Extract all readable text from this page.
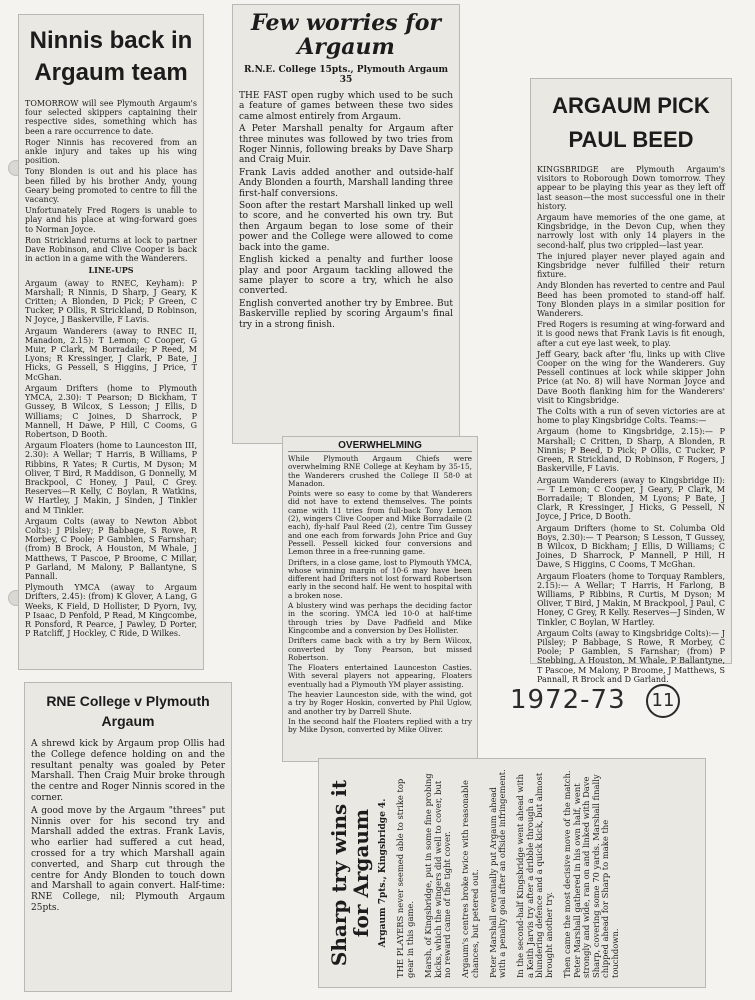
Ninnis back in Argaum team

TOMORROW will see Plymouth Argaum's four selected skippers captaining their respective sides, something which has been a rare occurrence to date.

Roger Ninnis has recovered from an ankle injury and takes up his wing position.

Tony Blonden is out and his place has been filled by his brother Andy, young Geary being promoted to centre to fill the vacancy.

Unfortunately Fred Rogers is unable to play and his place at wing-forward goes to Norman Joyce.

Ron Strickland returns at lock to partner Dave Robinson, and Clive Cooper is back in action in a game with the Wanderers.

LINE-UPS

Argaum (away to RNEC, Keyham): P Marshall; R Ninnis, D Sharp, J Geary, K Critten; A Blonden, D Pick; P Green, C Tucker, P Ollis, R Strickland, D Robinson, N Joyce, J Baskerville, F Lavis.

Argaum Wanderers (away to RNEC II, Manadon, 2.15): T Lemon; C Cooper, G Muir, P Clark, M Borradaile; P Reed, M Lyons; R Kressinger, J Clark, P Bate, J Hicks, G Pessell, S Higgins, J Price, T McGhan.

Argaum Drifters (home to Plymouth YMCA, 2.30): T Pearson; D Bickham, T Gussey, B Wilcox, S Lesson; J Ellis, D Williams; C Joines, D Sharrock, P Mannell, H Dawe, P Hill, C Cooms, G Robertson, D Booth.

Argaum Floaters (home to Launceston III, 2.30): A Wellar; T Harris, B Williams, P Ribbins, R Yates; R Curtis, M Dyson; M Oliver, T Bird, R Maddison, G Donnelly, M Brackpool, C Honey, J Paul, C Grey. Reserves—R Kelly, C Boylan, R Watkins, W Hartley, J Makin, J Sinden, J Tinkler and M Tinkler.

Argaum Colts (away to Newton Abbot Colts): J Pilsley; P Babbage, S Rowe, R Morbey, C Poole; P Gamblen, S Farnshar; (from) B Brock, A Houston, M Whale, J Matthews, T Pascoe, P Broome, C Millar, P Garland, M Malony, P Ballantyne, S Pannall.

Plymouth YMCA (away to Argaum Drifters, 2.45): (from) K Glover, A Lang, G Weeks, K Field, D Hollister, D Pyorn, Ivy, P Isaac, D Penfold, P Read, M Kingcombe, R Ponsford, R Pearce, J Pawley, D Porter, P Ratcliff, J Hockley, C Ride, D Wilkes.

Few worries for Argaum
R.N.E. College 15pts., Plymouth Argaum 35

THE FAST open rugby which used to be such a feature of games between these two sides came almost entirely from Argaum.

A Peter Marshall penalty for Argaum after three minutes was followed by two tries from Roger Ninnis, following breaks by Dave Sharp and Craig Muir.

Frank Lavis added another and outside-half Andy Blonden a fourth, Marshall landing three first-half conversions.

Soon after the restart Marshall linked up well to score, and he converted his own try. But then Argaum began to lose some of their power and the College were allowed to come back into the game.

English kicked a penalty and further loose play and poor Argaum tackling allowed the same player to score a try, which he also converted.

English converted another try by Embree. But Baskerville replied by scoring Argaum's final try in a strong finish.

ARGAUM PICK PAUL BEED

KINGSBRIDGE are Plymouth Argaum's visitors to Roborough Down tomorrow. They appear to be playing this year as they left off last season—the most successful one in their history.

Argaum have memories of the one game, at Kingsbridge, in the Devon Cup, when they narrowly lost with only 14 players in the second-half, plus two crippled—last year.

The injured player never played again and Kingsbridge never fulfilled their return fixture.

Andy Blonden has reverted to centre and Paul Beed has been promoted to stand-off half. Tony Blonden plays in a similar position for Wanderers.

Fred Rogers is resuming at wing-forward and it is good news that Frank Lavis is fit enough, after a cut eye last week, to play.

Jeff Geary, back after 'flu, links up with Clive Cooper on the wing for the Wanderers. Guy Pessell continues at lock while skipper John Price (at No. 8) will have Norman Joyce and Dave Booth flanking him for the Wanderers' visit to Kingsbridge.

The Colts with a run of seven victories are at home to play Kingsbridge Colts. Teams:—

Argaum (home to Kingsbridge, 2.15):— P Marshall; C Critten, D Sharp, A Blonden, R Ninnis; P Beed, D Pick; P Ollis, C Tucker, P Green, R Strickland, D Robinson, F Rogers, J Baskerville, F Lavis.

Argaum Wanderers (away to Kingsbridge II):— T Lemon; C Cooper, J Geary, P Clark, M Borradaile; T Blonden, M Lyons; P Bate, J Clark, R Kressinger, J Hicks, G Pessell, N Joyce, J Price, D Booth.

Argaum Drifters (home to St. Columba Old Boys, 2.30):— T Pearson; S Lesson, T Gussey, B Wilcox, D Bickham; J Ellis, D Williams; C Joines, D Sharrock, P Mannell, P Hill, H Dawe, S Higgins, C Cooms, T McGhan.

Argaum Floaters (home to Torquay Ramblers, 2.15):— A Wellar; T Harris, H Farlong, B Williams, P Ribbins, R Curtis, M Dyson; M Oliver, T Bird, J Makin, M Brackpool, J Paul, C Honey, C Grey, R Kelly. Reserves—J Sinden, W Tinkler, C Boylan, W Hartley.

Argaum Colts (away to Kingsbridge Colts):— J Pilsley; P Babbage, S Rowe, R Morbey, C Poole; P Gamblen, S Farnshar; (from) P Stebbing, A Houston, M Whale, P Ballantyne, T Pascoe, M Malony, P Broome, J Matthews, S Pannall, R Brock and D Garland.

OVERWHELMING

While Plymouth Argaum Chiefs were overwhelming RNE College at Keyham by 35-15, the Wanderers crushed the College II 58-0 at Manadon.

Points were so easy to come by that Wanderers did not have to extend themselves. The points came with 11 tries from full-back Tony Lemon (2), wingers Clive Cooper and Mike Borradaile (2 each), fly-half Paul Reed (2), centre Tim Gussey and one each from forwards John Price and Guy Pessell. Pessell kicked four conversions and Lemon three in a free-running game.

Drifters, in a close game, lost to Plymouth YMCA, whose winning margin of 10-6 may have been different had Drifters not lost forward Robertson early in the second half. He went to hospital with a broken nose.

A blustery wind was perhaps the deciding factor in the scoring. YMCA led 10-0 at half-time through tries by Dave Padfield and Mike Kingcombe and a conversion by Des Hollister.

Drifters came back with a try by Bern Wilcox, converted by Tony Pearson, but missed Robertson.

The Floaters entertained Launceston Casties. With several players not appearing, Floaters eventually had a Plymouth YM player assisting.

The heavier Launceston side, with the wind, got a try by Roger Hoskin, converted by Phil Uglow, and another try by Darrell Shute.

In the second half the Floaters replied with a try by Mike Dyson, converted by Mike Oliver.

RNE College v Plymouth Argaum

A shrewd kick by Argaum prop Ollis had the College defence holding on and the resultant penalty was goaled by Peter Marshall. Then Craig Muir broke through the centre and Roger Ninnis scored in the corner.

A good move by the Argaum "threes" put Ninnis over for his second try and Marshall added the extras. Frank Lavis, who earlier had suffered a cut head, crossed for a try which Marshall again converted, and Sharp cut through the centre for Andy Blonden to touch down and Marshall to again convert. Half-time: RNE College, nil; Plymouth Argaum 25pts.

1972-73	11
Sharp try wins it for Argaum Argaum 7pts., Kingsbridge 4. THE PLAYERS never seemed able to strike top gear in this game. Marsh, of Kingsbridge, put in some fine probing kicks, which the wingers did well to cover, but no reward came of the tight cover. Argaum's centres broke twice with reasonable chances, but petered out. Peter Marshall eventually put Argaum ahead with a penalty goal after an offside infringement. In the second-half Kingsbridge went ahead with a Keith Jarvis try after a dribble through a blundering defence and a quick kick, but almost brought another try. Then came the most decisive move of the match. Peter Marshall gathered in his own half, went strongly and wide, ran on and linked with Dave Sharp, covering some 70 yards. Marshall finally chipped ahead for Sharp to make the touchdown.
